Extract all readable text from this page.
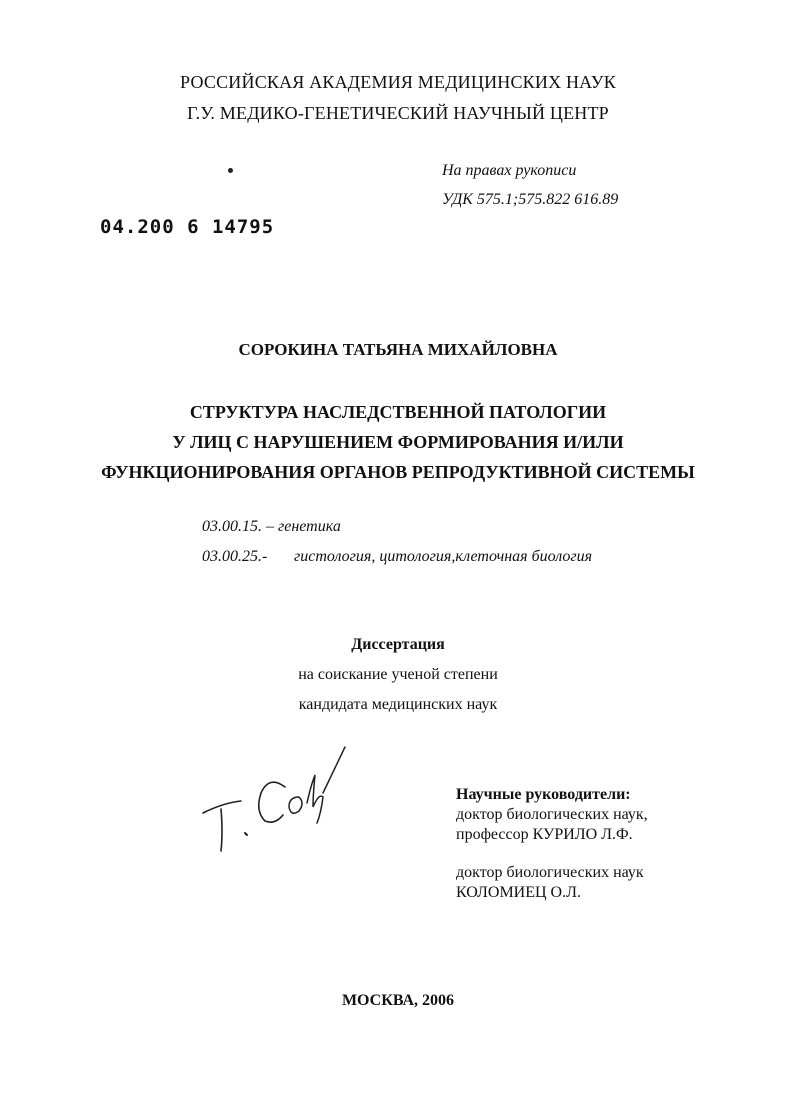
РОССИЙСКАЯ АКАДЕМИЯ МЕДИЦИНСКИХ НАУК
Г.У. МЕДИКО-ГЕНЕТИЧЕСКИЙ НАУЧНЫЙ ЦЕНТР
На правах рукописи
УДК 575.1;575.822 616.89
04.200 6 14795
СОРОКИНА ТАТЬЯНА МИХАЙЛОВНА
СТРУКТУРА НАСЛЕДСТВЕННОЙ ПАТОЛОГИИ
У ЛИЦ С НАРУШЕНИЕМ ФОРМИРОВАНИЯ И/ИЛИ
ФУНКЦИОНИРОВАНИЯ ОРГАНОВ РЕПРОДУКТИВНОЙ СИСТЕМЫ
03.00.15. – генетика
03.00.25.- гистология, цитология,клеточная биология
Диссертация
на соискание ученой степени
кандидата медицинских наук
Научные руководители:
доктор биологических наук,
профессор КУРИЛО Л.Ф.
доктор биологических наук
КОЛОМИЕЦ О.Л.
МОСКВА, 2006
